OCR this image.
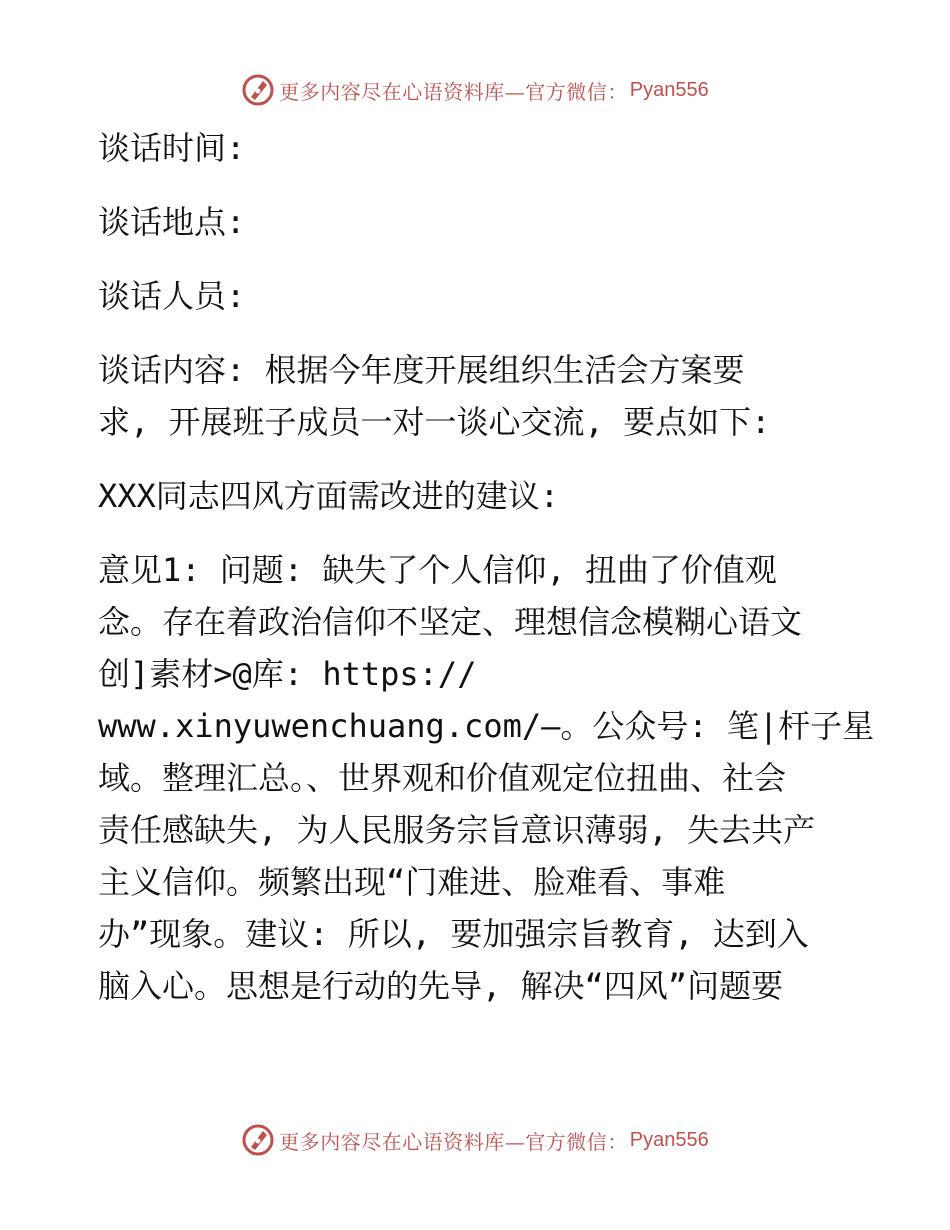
更多内容尽在心语资料库—官方微信： Pyan556

谈话时间:

谈话地点:

谈话人员:

谈话内容: 根据今年度开展组织生活会方案要

求, 开展班子成员一对一谈心交流, 要点如下:

XXX同志四风方面需改进的建议:

意见1: 问题: 缺失了个人信仰, 扭曲了价值观

念。存在着政治信仰不坚定、理想信念模糊心语文

创]素材>@库: https://

www.xinyuwenchuang.com/—。公众号: 笔|杆子星

域。整理汇总。、世界观和价值观定位扭曲、社会

责任感缺失, 为人民服务宗旨意识薄弱, 失去共产

主义信仰。频繁出现“门难进、脸难看、事难

办”现象。建议: 所以, 要加强宗旨教育, 达到入

脑入心。思想是行动的先导, 解决“四风”问题要

更多内容尽在心语资料库—官方微信： Pyan556
